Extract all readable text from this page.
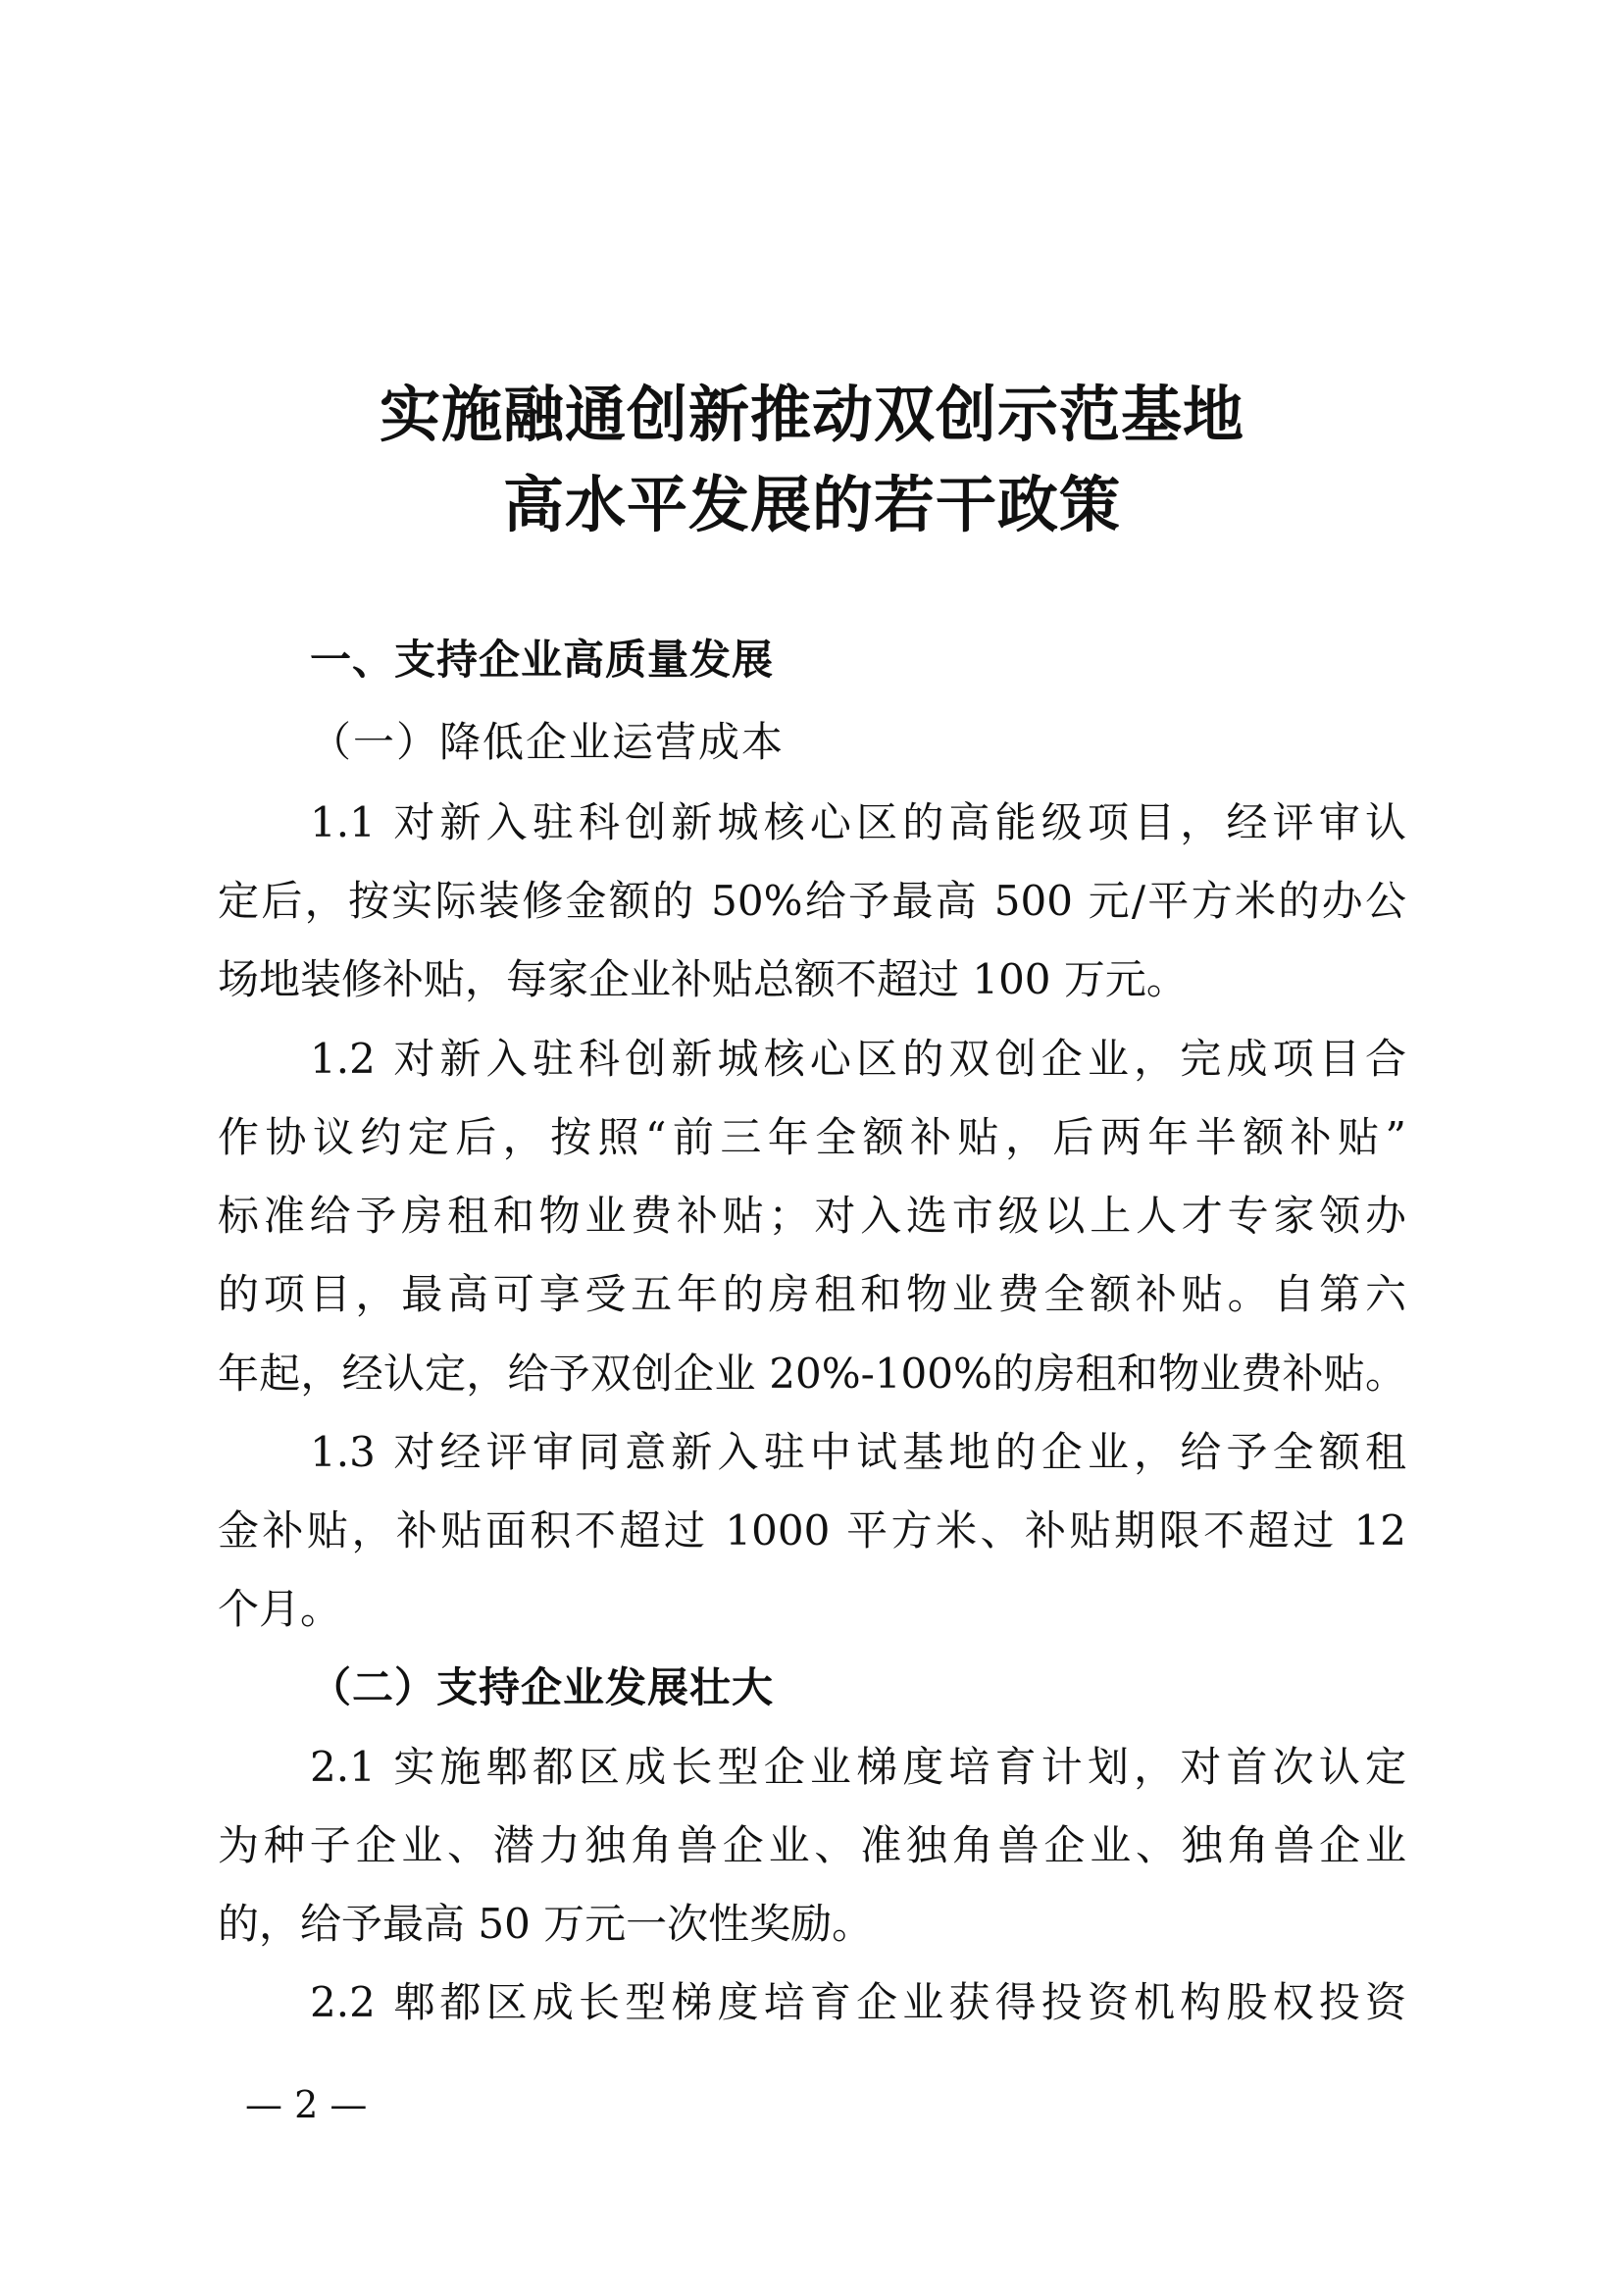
实施融通创新推动双创示范基地
高水平发展的若干政策
一、支持企业高质量发展
（一）降低企业运营成本
1.1 对新入驻科创新城核心区的高能级项目，经评审认
定后，按实际装修金额的 50%给予最高 500 元/平方米的办公
场地装修补贴，每家企业补贴总额不超过 100 万元。
1.2 对新入驻科创新城核心区的双创企业，完成项目合
作协议约定后，按照“前三年全额补贴，后两年半额补贴”
标准给予房租和物业费补贴；对入选市级以上人才专家领办
的项目，最高可享受五年的房租和物业费全额补贴。自第六
年起，经认定，给予双创企业 20%-100%的房租和物业费补贴。
1.3 对经评审同意新入驻中试基地的企业，给予全额租
金补贴，补贴面积不超过 1000 平方米、补贴期限不超过 12
个月。
（二）支持企业发展壮大
2.1 实施郫都区成长型企业梯度培育计划，对首次认定
为种子企业、潜力独角兽企业、准独角兽企业、独角兽企业
的，给予最高 50 万元一次性奖励。
2.2 郫都区成长型梯度培育企业获得投资机构股权投资
— 2 —
